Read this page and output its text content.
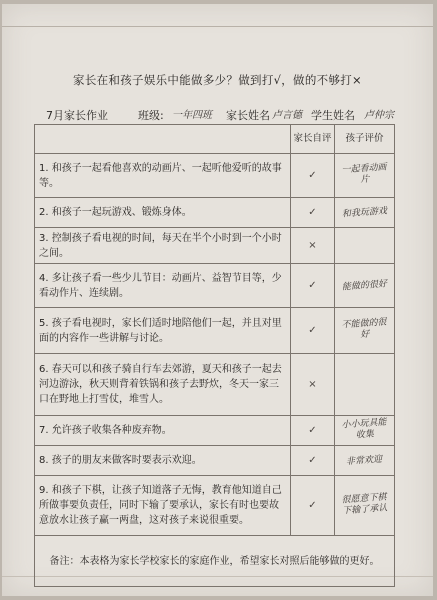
家长在和孩子娱乐中能做多少？做到打√，做的不够打×
7月家长作业	班级: 一年四班 家长姓名 卢言德 学生姓名 卢仲宗
	家长自评	孩子评价
1. 和孩子一起看他喜欢的动画片、一起听他爱听的故事等。	✓	一起看动画片
2. 和孩子一起玩游戏、锻炼身体。	✓	和我玩游戏
3. 控制孩子看电视的时间，每天在半个小时到一个小时之间。	×	
4. 多让孩子看一些少儿节目：动画片、益智节目等，少看动作片、连续剧。	✓	能做的很好
5. 孩子看电视时，家长们适时地陪他们一起，并且对里面的内容作一些讲解与讨论。	✓	不能做的很好
6. 春天可以和孩子骑自行车去郊游，夏天和孩子一起去河边游泳，秋天则背着铁锅和孩子去野炊，冬天一家三口在野地上打雪仗，堆雪人。	×	
7. 允许孩子收集各种废弃物。	✓	小小玩具能收集
8. 孩子的朋友来做客时要表示欢迎。	✓	非常欢迎
9. 和孩子下棋，让孩子知道落子无悔，教育他知道自己所做事要负责任，同时下输了要承认，家长有时也要故意放水让孩子赢一两盘，这对孩子来说很重要。	✓	很愿意下棋下输了承认
备注：本表格为家长学校家长的家庭作业，希望家长对照后能够做的更好。		
